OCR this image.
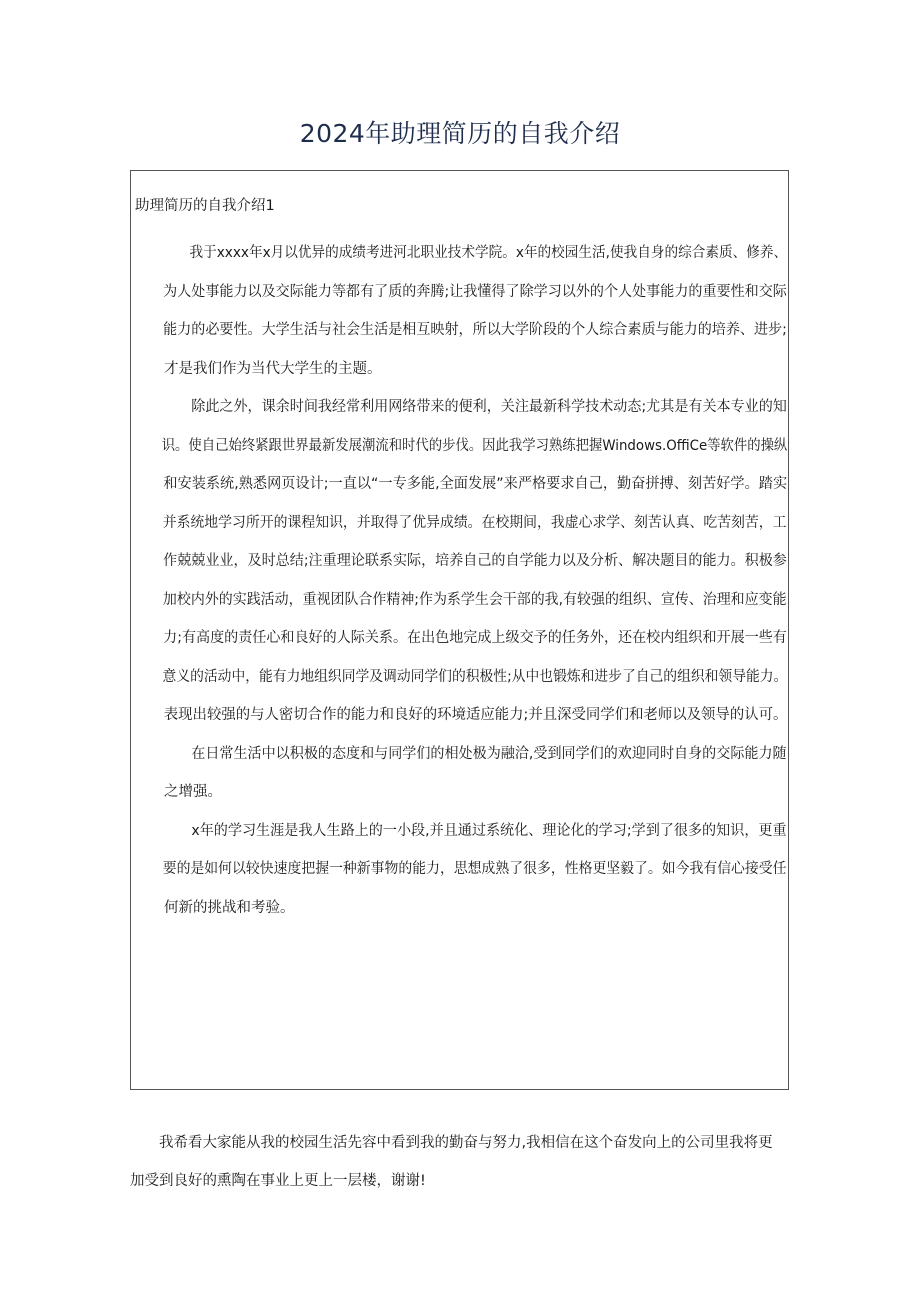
2024年助理简历的自我介绍
助理简历的自我介绍1

我于xxxx年x月以优异的成绩考进河北职业技术学院。x年的校园生活,使我自身的综合素质、修养、
为人处事能力以及交际能力等都有了质的奔腾;让我懂得了除学习以外的个人处事能力的重要性和交际
能力的必要性。大学生活与社会生活是相互映射，所以大学阶段的个人综合素质与能力的培养、进步;
才是我们作为当代大学生的主题。

除此之外，课余时间我经常利用网络带来的便利，关注最新科学技术动态;尤其是有关本专业的知
识。使自己始终紧跟世界最新发展潮流和时代的步伐。因此我学习熟练把握Windows.OffiCe等软件的操纵
和安装系统,熟悉网页设计;一直以“一专多能,全面发展”来严格要求自己，勤奋拼搏、刻苦好学。踏实
并系统地学习所开的课程知识，并取得了优异成绩。在校期间，我虚心求学、刻苦认真、吃苦刻苦，工
作兢兢业业，及时总结;注重理论联系实际，培养自己的自学能力以及分析、解决题目的能力。积极参
加校内外的实践活动，重视团队合作精神;作为系学生会干部的我,有较强的组织、宣传、治理和应变能
力;有高度的责任心和良好的人际关系。在出色地完成上级交予的任务外，还在校内组织和开展一些有
意义的活动中，能有力地组织同学及调动同学们的积极性;从中也锻炼和进步了自己的组织和领导能力。
表现出较强的与人密切合作的能力和良好的环境适应能力;并且深受同学们和老师以及领导的认可。

在日常生活中以积极的态度和与同学们的相处极为融洽,受到同学们的欢迎同时自身的交际能力随
之增强。

x年的学习生涯是我人生路上的一小段,并且通过系统化、理论化的学习;学到了很多的知识，更重
要的是如何以较快速度把握一种新事物的能力，思想成熟了很多，性格更坚毅了。如今我有信心接受任
何新的挑战和考验。

我希看大家能从我的校园生活先容中看到我的勤奋与努力,我相信在这个奋发向上的公司里我将更
加受到良好的熏陶在事业上更上一层楼，谢谢!
